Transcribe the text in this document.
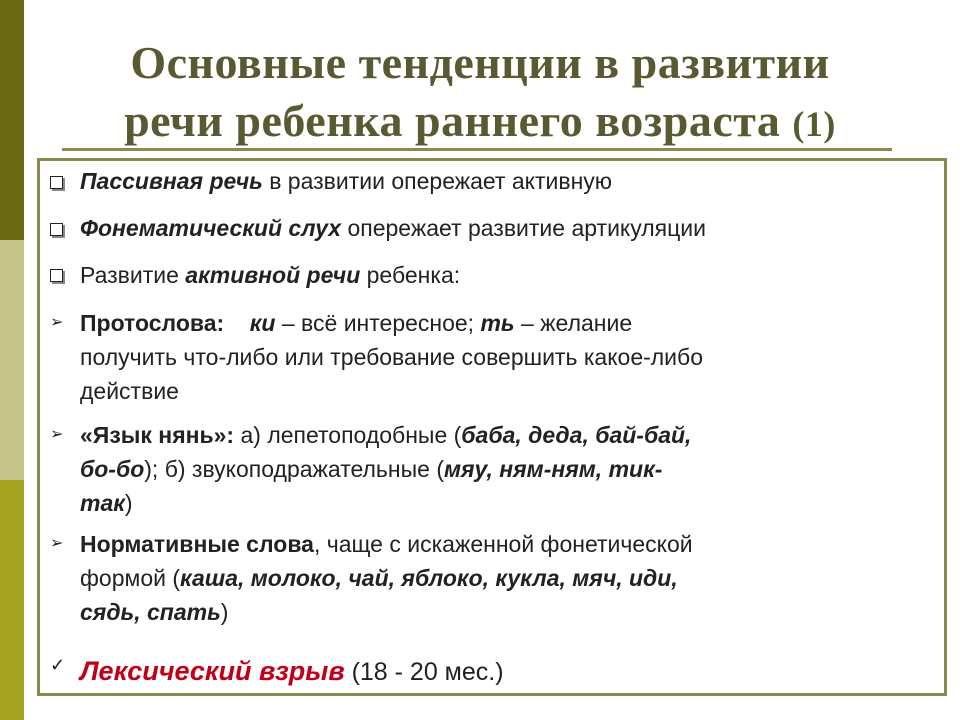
Основные тенденции в развитии
речи ребенка раннего возраста (1)
Пассивная речь в развитии опережает активную
Фонематический слух опережает развитие артикуляции
Развитие активной речи ребенка:
➢ Протослова: ки – всё интересное; ть – желание
получить что-либо или требование совершить какое-либо
действие
➢ «Язык нянь»: а) лепетоподобные (баба, деда, бай-бай,
бо-бо); б) звукоподражательные (мяу, ням-ням, тик-
так)
➢ Нормативные слова, чаще с искаженной фонетической
формой (каша, молоко, чай, яблоко, кукла, мяч, иди,
сядь, спать)
✓ Лексический взрыв (18 - 20 мес.)
